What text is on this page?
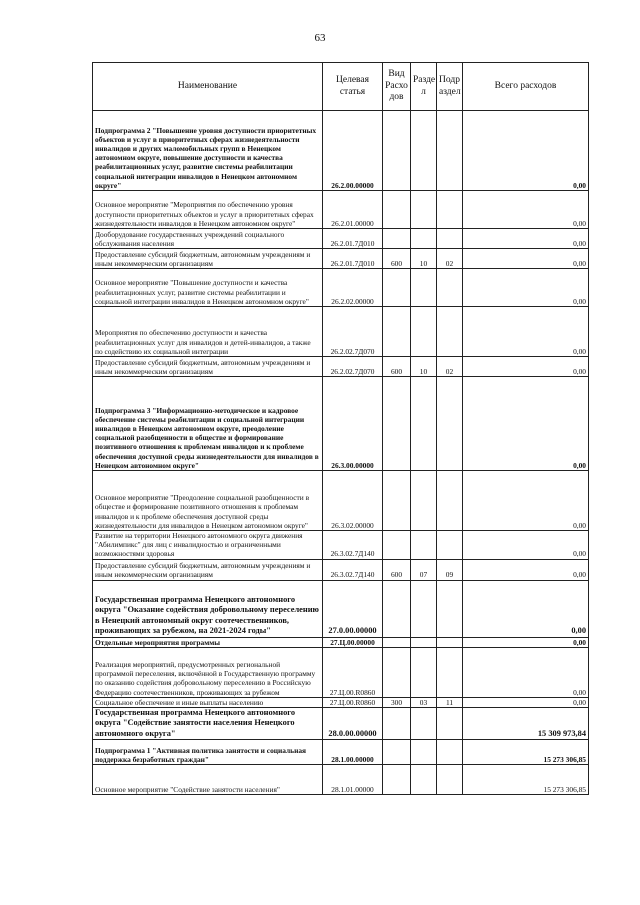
63
Наименование	Целевая статья	Вид Расхо дов	Разде л	Подр аздел	Всего расходов
Подпрограмма 2 "Повышение уровня доступности приоритетных объектов и услуг в приоритетных сферах жизнедеятельности инвалидов и других маломобильных групп в Ненецком автономном округе, повышение доступности и качества реабилитационных услуг, развитие системы реабилитации социальной интеграции инвалидов в Ненецком автономном округе"	26.2.00.00000				0,00
Основное мероприятие "Мероприятия по обеспечению уровня доступности приоритетных объектов и услуг в приоритетных сферах жизнедеятельности инвалидов в Ненецком автономном округе"	26.2.01.00000				0,00
Дооборудование государственных учреждений социального обслуживания населения	26.2.01.7Д010				0,00
Предоставление субсидий бюджетным, автономным учреждениям и иным некоммерческим организациям	26.2.01.7Д010	600	10	02	0,00
Основное мероприятие "Повышение доступности и качества реабилитационных услуг, развитие системы реабилитации и социальной интеграции инвалидов в Ненецком автономном округе"	26.2.02.00000				0,00
Мероприятия по обеспечению доступности и качества реабилитационных услуг для инвалидов и детей-инвалидов, а также по содействию их социальной интеграции	26.2.02.7Д070				0,00
Предоставление субсидий бюджетным, автономным учреждениям и иным некоммерческим организациям	26.2.02.7Д070	600	10	02	0,00
Подпрограмма 3 "Информационно-методическое и кадровое обеспечение системы реабилитации и социальной интеграции инвалидов в Ненецком автономном округе, преодоление социальной разобщенности в обществе и формирование позитивного отношения к проблемам инвалидов и к проблеме обеспечения доступной среды жизнедеятельности для инвалидов в Ненецком автономном округе"	26.3.00.00000				0,00
Основное мероприятие "Преодоление социальной разобщенности в обществе и формирование позитивного отношения к проблемам инвалидов и к проблеме обеспечения доступной среды жизнедеятельности для инвалидов в Ненецком автономном округе"	26.3.02.00000				0,00
Развитие на территории Ненецкого автономного округа движения "Абилимпикс" для лиц с инвалидностью и ограниченными возможностями здоровья	26.3.02.7Д140				0,00
Предоставление субсидий бюджетным, автономным учреждениям и иным некоммерческим организациям	26.3.02.7Д140	600	07	09	0,00
Государственная программа Ненецкого автономного округа "Оказание содействия добровольному переселению в Ненецкий автономный округ соотечественников, проживающих за рубежом, на 2021-2024 годы"	27.0.00.00000				0,00
Отдельные мероприятия программы	27.Ц.00.00000				0,00
Реализация мероприятий, предусмотренных региональной программой переселения, включённой в Государственную программу по оказанию содействия добровольному переселению в Российскую Федерацию соотечественников, проживающих за рубежом	27.Ц.00.R0860				0,00
Социальное обеспечение и иные выплаты населению	27.Ц.00.R0860	300	03	11	0,00
Государственная программа Ненецкого автономного округа "Содействие занятости населения Ненецкого автономного округа"	28.0.00.00000				15 309 973,84
Подпрограмма 1 "Активная политика занятости и социальная поддержка безработных граждан"	28.1.00.00000				15 273 306,85
Основное мероприятие "Содействие занятости населения"	28.1.01.00000				15 273 306,85
